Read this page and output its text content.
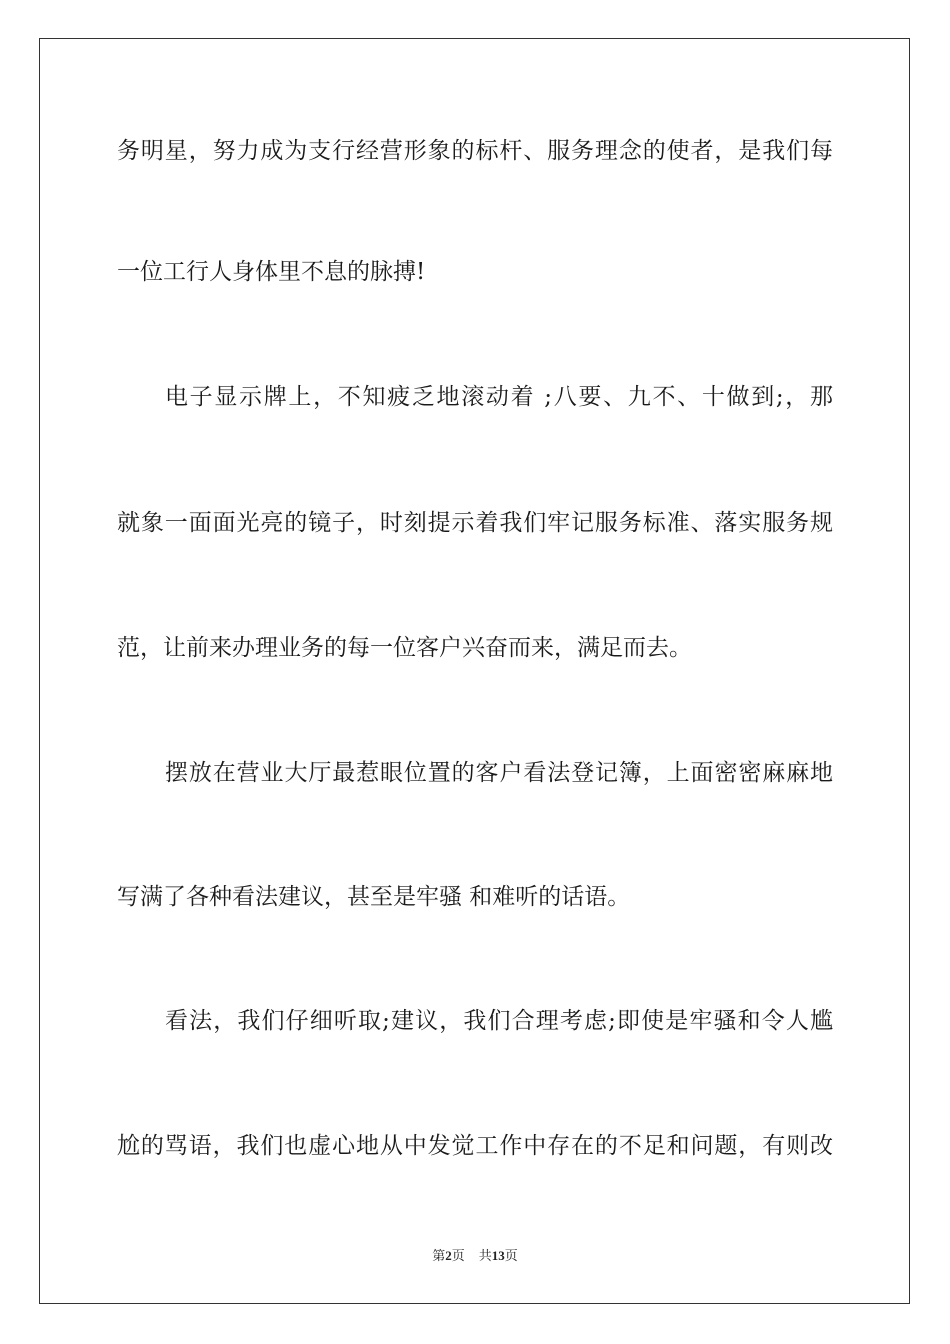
务明星，努力成为支行经营形象的标杆、服务理念的使者，是我们每

一位工行人身体里不息的脉搏!

电子显示牌上，不知疲乏地滚动着 ;八要、九不、十做到;，那

就象一面面光亮的镜子，时刻提示着我们牢记服务标准、落实服务规

范，让前来办理业务的每一位客户兴奋而来，满足而去。

摆放在营业大厅最惹眼位置的客户看法登记簿，上面密密麻麻地

写满了各种看法建议，甚至是牢骚 和难听的话语。

看法，我们仔细听取;建议，我们合理考虑;即使是牢骚和令人尴

尬的骂语，我们也虚心地从中发觉工作中存在的不足和问题，有则改

第2页 共13页
